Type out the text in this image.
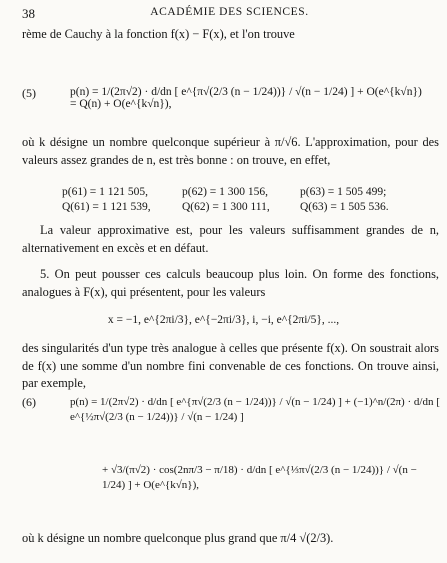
38	ACADÉMIE DES SCIENCES.
rème de Cauchy à la fonction f(x) − F(x), et l'on trouve
(5)	p(n) = 1/(2π√2) · d/dn [ e^{π√(2/3 (n − 1/24))} / √(n − 1/24) ] + O(e^{k√n}) = Q(n) + O(e^{k√n}),
où k désigne un nombre quelconque supérieur à π/√6. L'approximation, pour des valeurs assez grandes de n, est très bonne : on trouve, en effet,
p(61) = 1 121 505,	p(62) = 1 300 156,	p(63) = 1 505 499;
Q(61) = 1 121 539,	Q(62) = 1 300 111,	Q(63) = 1 505 536.
La valeur approximative est, pour les valeurs suffisamment grandes de n, alternativement en excès et en défaut.
5. On peut pousser ces calculs beaucoup plus loin. On forme des fonctions, analogues à F(x), qui présentent, pour les valeurs
x = −1, e^{2πi/3}, e^{−2πi/3}, i, −i, e^{2πi/5}, ...,
des singularités d'un type très analogue à celles que présente f(x). On soustrait alors de f(x) une somme d'un nombre fini convenable de ces fonctions. On trouve ainsi, par exemple,
(6)	p(n) = 1/(2π√2) · d/dn [ e^{π√(2/3 (n − 1/24))} / √(n − 1/24) ] + (−1)^n/(2π) · d/dn [ e^{½π√(2/3 (n − 1/24))} / √(n − 1/24) ]
+ √3/(π√2) · cos(2nπ/3 − π/18) · d/dn [ e^{⅓π√(2/3 (n − 1/24))} / √(n − 1/24) ] + O(e^{k√n}),
où k désigne un nombre quelconque plus grand que π/4 √(2/3).
